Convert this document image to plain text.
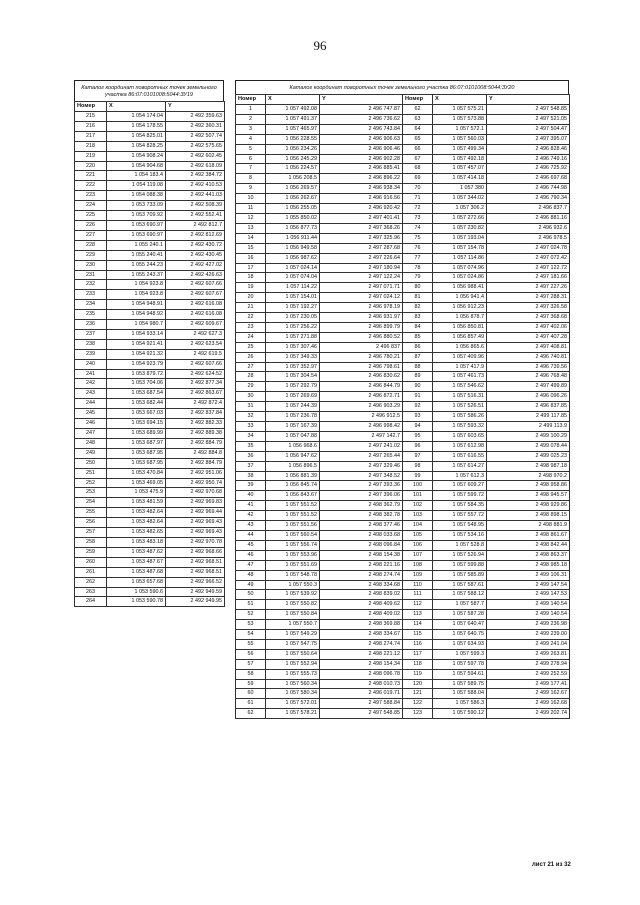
96
Каталог координат поворотных точек земельного участка 86:07:0101008:5044:ЗУ19
Номер	X	Y
215	1 054 174.04	2 492 359.63
216	1 054 178.55	2 492 360.31
217	1 054 825.01	2 492 507.74
218	1 054 828.25	2 492 575.65
219	1 054 908.24	2 492 602.45
220	1 054 904.68	2 492 618.09
221	1 054 183.4	2 492 384.72
222	1 054 119.08	2 492 410.53
223	1 054 088.38	2 492 441.03
224	1 053 733.09	2 492 508.39
225	1 053 709.92	2 492 552.41
226	1 053 690.97	2 492 812.7
227	1 053 690.97	2 492 812.69
228	1 055 240.1	2 492 430.72
229	1 055 240.41	2 492 430.45
230	1 055 244.23	2 492 427.02
231	1 055 243.37	2 492 426.63
232	1 054 923.8	2 492 607.66
233	1 054 923.8	2 492 607.67
234	1 054 948.91	2 492 616.08
235	1 054 948.92	2 492 616.08
236	1 054 980.7	2 492 609.67
237	1 054 933.14	2 492 627.3
238	1 054 921.41	2 492 623.54
239	1 054 921.32	2 492 619.5
240	1 054 923.79	2 492 607.66
241	1 053 879.72	2 492 624.52
242	1 053 704.06	2 492 877.34
243	1 053 687.54	2 492 863.67
244	1 053 682.44	2 492 872.4
245	1 053 667.03	2 492 837.84
246	1 053 694.15	2 492 882.33
247	1 053 689.99	2 492 889.38
248	1 053 687.97	2 492 884.79
249	1 053 687.95	2 492 884.8
250	1 053 687.95	2 492 884.79
251	1 053 470.84	2 492 951.06
252	1 053 469.05	2 492 950.74
253	1 053 475.9	2 492 970.68
254	1 053 481.59	2 492 969.83
255	1 053 482.64	2 492 969.44
256	1 053 482.64	2 492 969.43
257	1 053 482.65	2 492 969.43
258	1 053 483.18	2 492 970.78
259	1 053 487.62	2 492 968.66
260	1 053 487.67	2 492 968.51
261	1 053 487.68	2 492 968.51
262	1 053 657.68	2 492 966.52
263	1 053 590.6	2 492 949.59
264	1 053 590.78	2 492 949.95
Каталог координат поворотных точек земельного участка 86:07:0101008:5044:ЗУ20
Номер	X	Y	Номер	X	Y
1	1 057 492.08	2 496 747.87	62	1 057 575.21	2 497 548.85
2	1 057 491.37	2 496 736.62	63	1 057 573.88	2 497 521.05
3	1 057 465.97	2 496 743.84	64	1 057 572.1	2 497 504.47
4	1 056 228.55	2 496 906.63	65	1 057 560.03	2 497 395.07
5	1 056 234.26	2 496 906.46	66	1 057 499.34	2 496 828.46
6	1 056 245.29	2 496 902.28	67	1 057 492.18	2 496 749.16
7	1 056 224.57	2 496 885.41	68	1 057 457.07	2 496 725.92
8	1 056 208.5	2 496 896.22	69	1 057 414.18	2 496 697.68
9	1 056 269.57	2 496 938.34	70	1 057 380	2 496 744.98
10	1 056 262.67	2 496 916.56	71	1 057 344.02	2 496 790.34
11	1 056 255.05	2 496 920.42	72	1 057 306.2	2 496 837.7
12	1 055 850.02	2 497 401.41	73	1 057 272.66	2 496 881.16
13	1 056 877.73	2 497 368.26	74	1 057 230.82	2 496 932.6
14	1 056 911.44	2 497 325.96	75	1 057 193.04	2 496 978.5
15	1 056 949.58	2 497 287.68	76	1 057 154.78	2 497 024.78
16	1 056 987.62	2 497 226.64	77	1 057 114.86	2 497 072.42
17	1 057 024.14	2 497 180.94	78	1 057 074.96	2 497 122.72
18	1 057 074.04	2 497 122.24	79	1 057 024.86	2 497 181.66
19	1 057 114.22	2 497 071.71	80	1 056 988.41	2 497 227.26
20	1 057 154.01	2 497 024.12	81	1 056 941.4	2 497 288.31
21	1 057 192.27	2 496 978.19	82	1 056 912.23	2 497 326.58
22	1 057 230.05	2 496 931.97	83	1 056 878.7	2 497 368.68
23	1 057 256.22	2 496 899.79	84	1 056 850.81	2 497 402.06
24	1 057 271.88	2 496 880.52	85	1 056 857.49	2 497 407.28
25	1 057 307.46	2 496 837	86	1 056 865.6	2 497 408.81
26	1 057 349.33	2 496 780.21	87	1 057 409.96	2 496 740.81
27	1 057 352.97	2 496 798.61	88	1 057 417.9	2 496 739.56
28	1 057 304.54	2 496 830.62	89	1 057 461.73	2 496 768.48
29	1 057 292.79	2 496 844.79	90	1 057 546.62	2 497 499.89
30	1 057 269.69	2 496 872.71	91	1 057 516.31	2 496 096.26
31	1 057 244.39	2 496 903.29	92	1 057 526.51	2 496 837.85
32	1 057 236.78	2 496 912.5	93	1 057 586.26	2 499 117.85
33	1 057 167.39	2 496 998.42	94	1 057 593.32	2 499 113.9
34	1 057 047.88	2 497 142.7	95	1 057 603.65	2 499 100.29
35	1 056 968.6	2 497 241.02	96	1 057 612.98	2 499 078.44
36	1 056 947.62	2 497 265.44	97	1 057 616.55	2 499 025.23
37	1 056 896.5	2 497 329.46	98	1 057 614.27	2 498 987.18
38	1 056 881.39	2 497 348.52	99	1 057 612.3	2 498 970.2
39	1 056 845.74	2 497 393.36	100	1 057 609.27	2 498 958.86
40	1 056 843.67	2 497 396.06	101	1 057 599.72	2 498 945.57
41	1 057 551.52	2 498 362.79	102	1 057 584.35	2 498 929.86
42	1 057 551.52	2 498 382.78	103	1 057 557.72	2 498 898.15
43	1 057 551.56	2 498 377.46	104	1 057 548.95	2 498 881.9
44	1 057 560.54	2 498 033.68	105	1 057 534.16	2 498 861.67
45	1 057 556.74	2 498 096.84	106	1 057 528.8	2 498 842.44
46	1 057 553.96	2 498 154.38	107	1 057 526.94	2 498 863.37
47	1 057 551.69	2 498 221.16	108	1 057 599.88	2 498 985.18
48	1 057 548.78	2 498 274.74	109	1 057 585.89	2 499 106.31
49	1 057 550.3	2 498 334.68	110	1 057 587.61	2 499 147.54
50	1 057 539.92	2 498 839.02	111	1 057 588.12	2 499 147.53
51	1 057 550.82	2 498 409.62	112	1 057 587.7	2 499 140.54
52	1 057 550.84	2 498 409.02	113	1 057 587.28	2 499 140.54
53	1 057 550.7	2 498 369.88	114	1 057 640.47	2 499 236.98
54	1 057 549.29	2 498 334.67	115	1 057 640.75	2 499 239.00
55	1 057 547.75	2 498 274.74	116	1 057 634.93	2 499 241.04
56	1 057 550.64	2 498 221.12	117	1 057 599.3	2 499 263.81
57	1 057 552.94	2 498 154.34	118	1 057 597.78	2 499 278.94
58	1 057 555.73	2 498 096.78	119	1 057 594.61	2 499 252.59
59	1 057 560.34	2 498 010.73	120	1 057 589.75	2 499 177.41
60	1 057 580.34	2 496 019.71	121	1 057 588.04	2 499 162.67
61	1 057 572.01	2 497 588.84	122	1 057 586.3	2 499 162.68
62	1 057 578.21	2 497 548.85	123	1 057 590.12	2 499 202.74
лист 21 из 32
